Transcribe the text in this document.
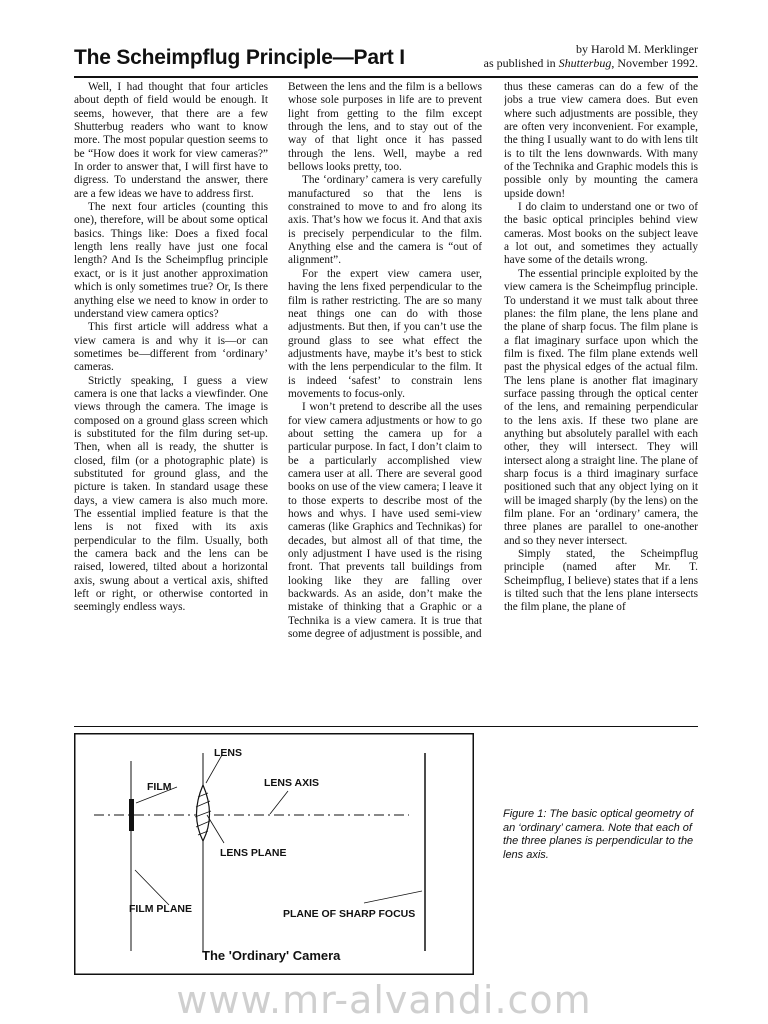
The Scheimpflug Principle—Part I	by Harold M. Merklinger
as published in Shutterbug, November 1992.

Well, I had thought that four articles about depth of field would be enough. It seems, however, that there are a few Shutterbug readers who want to know more. The most popular question seems to be “How does it work for view cameras?” In order to answer that, I will first have to digress. To understand the answer, there are a few ideas we have to address first.

The next four articles (counting this one), therefore, will be about some optical basics. Things like: Does a fixed focal length lens really have just one focal length? And Is the Scheimpflug principle exact, or is it just another approximation which is only sometimes true? Or, Is there anything else we need to know in order to understand view camera optics?

This first article will address what a view camera is and why it is—or can sometimes be—different from ‘ordinary’ cameras.

Strictly speaking, I guess a view camera is one that lacks a viewfinder. One views through the camera. The image is composed on a ground glass screen which is substituted for the film during set-up. Then, when all is ready, the shutter is closed, film (or a photographic plate) is substituted for ground glass, and the picture is taken. In standard usage these days, a view camera is also much more. The essential implied feature is that the lens is not fixed with its axis perpendicular to the film. Usually, both the camera back and the lens can be raised, lowered, tilted about a horizontal axis, swung about a vertical axis, shifted left or right, or otherwise contorted in seemingly endless ways.

Between the lens and the film is a bellows whose sole purposes in life are to prevent light from getting to the film except through the lens, and to stay out of the way of that light once it has passed through the lens. Well, maybe a red bellows looks pretty, too.

The ‘ordinary’ camera is very carefully manufactured so that the lens is constrained to move to and fro along its axis. That’s how we focus it. And that axis is precisely perpendicular to the film. Anything else and the camera is “out of alignment”.

For the expert view camera user, having the lens fixed perpendicular to the film is rather restricting. The are so many neat things one can do with those adjustments. But then, if you can’t use the ground glass to see what effect the adjustments have, maybe it’s best to stick with the lens perpendicular to the film. It is indeed ‘safest’ to constrain lens movements to focus-only.

I won’t pretend to describe all the uses for view camera adjustments or how to go about setting the camera up for a particular purpose. In fact, I don’t claim to be a particularly accomplished view camera user at all. There are several good books on use of the view camera; I leave it to those experts to describe most of the hows and whys. I have used semi-view cameras (like Graphics and Technikas) for decades, but almost all of that time, the only adjustment I have used is the rising front. That prevents tall buildings from looking like they are falling over backwards. As an aside, don’t make the mistake of thinking that a Graphic or a Technika is a view camera. It is true that some degree of adjustment is possible, and

thus these cameras can do a few of the jobs a true view camera does. But even where such adjustments are possible, they are often very inconvenient. For example, the thing I usually want to do with lens tilt is to tilt the lens downwards. With many of the Technika and Graphic models this is possible only by mounting the camera upside down!

I do claim to understand one or two of the basic optical principles behind view cameras. Most books on the subject leave a lot out, and sometimes they actually have some of the details wrong.

The essential principle exploited by the view camera is the Scheimpflug principle. To understand it we must talk about three planes: the film plane, the lens plane and the plane of sharp focus. The film plane is a flat imaginary surface upon which the film is fixed. The film plane extends well past the physical edges of the actual film. The lens plane is another flat imaginary surface passing through the optical center of the lens, and remaining perpendicular to the lens axis. If these two plane are anything but absolutely parallel with each other, they will intersect. They will intersect along a straight line. The plane of sharp focus is a third imaginary surface positioned such that any object lying on it will be imaged sharply (by the lens) on the film plane. For an ‘ordinary’ camera, the three planes are parallel to one-another and so they never intersect.

Simply stated, the Scheimpflug principle (named after Mr. T. Scheimpflug, I believe) states that if a lens is tilted such that the lens plane intersects the film plane, the plane of

LENS
FILM	LENS AXIS
LENS PLANE
FILM PLANE	PLANE OF SHARP FOCUS
The 'Ordinary' Camera
Figure 1: The basic optical geometry of an ‘ordinary’ camera. Note that each of the three planes is perpendicular to the lens axis.
www.mr-alvandi.com
